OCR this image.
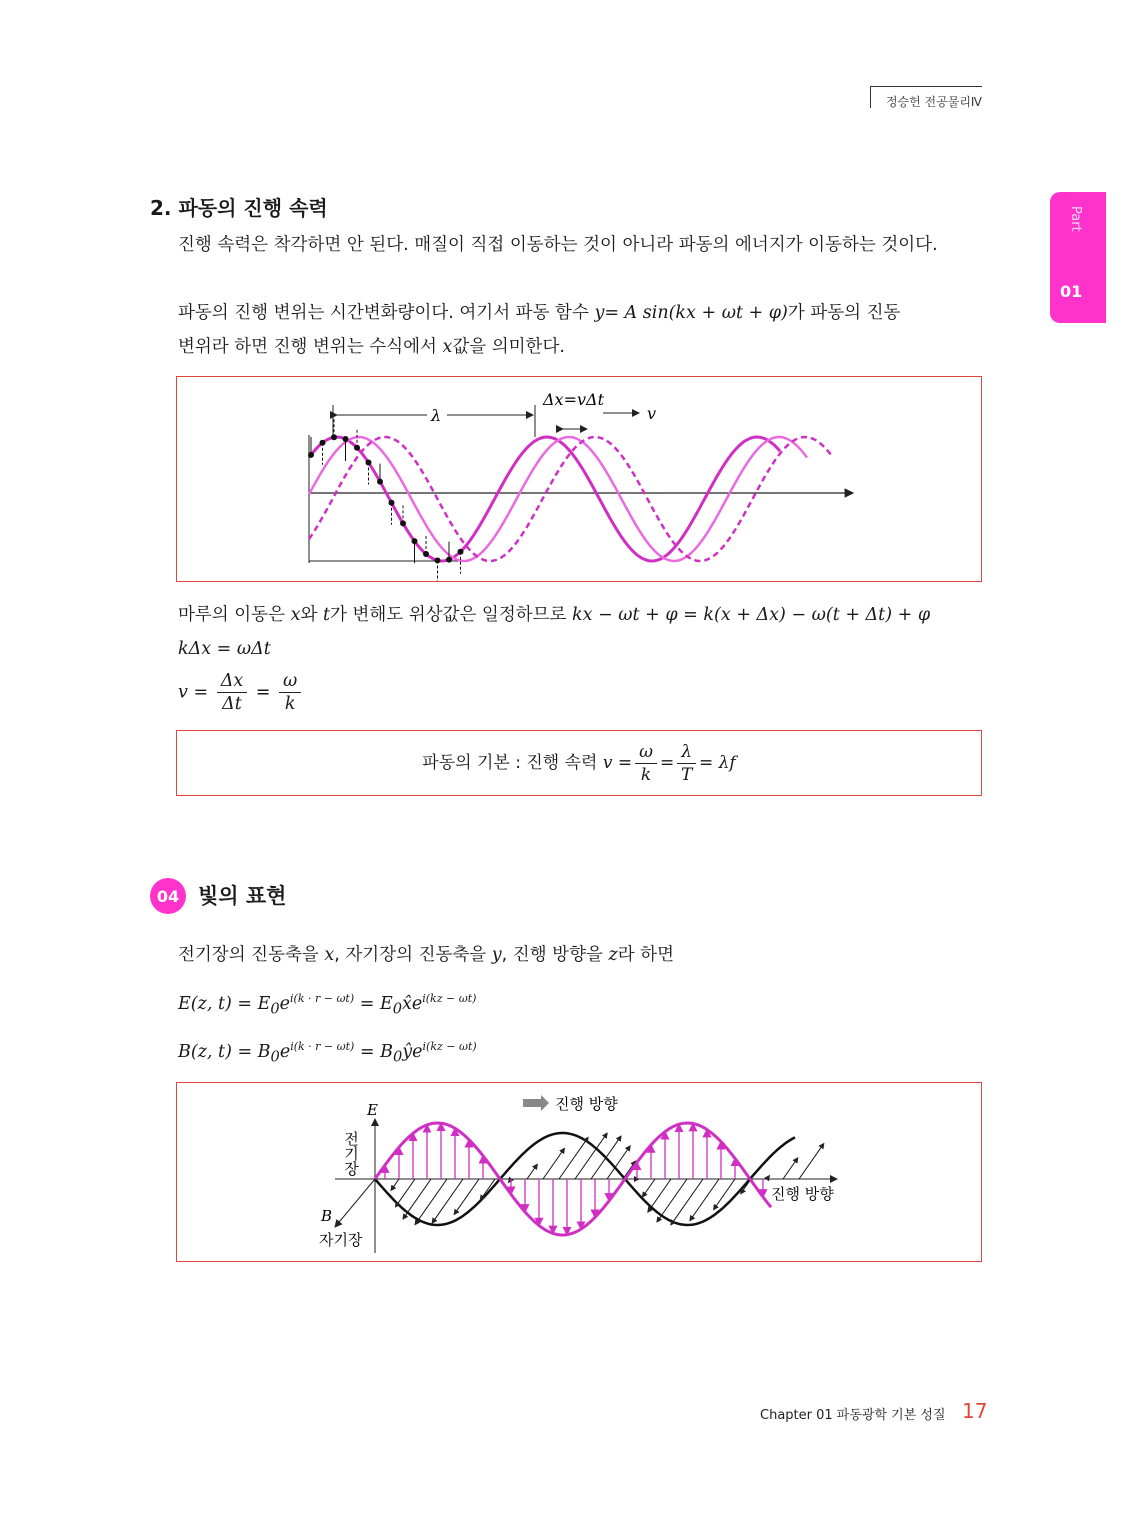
정승헌 전공물리Ⅳ
Part
01
2. 파동의 진행 속력
진행 속력은 착각하면 안 된다. 매질이 직접 이동하는 것이 아니라 파동의 에너지가 이동하는 것이다.
파동의 진행 변위는 시간변화량이다. 여기서 파동 함수 y= A sin(kx + ωt + φ)가 파동의 진동
변위라 하면 진행 변위는 수식에서 x값을 의미한다.
λ
Δx=vΔt
v
마루의 이동은 x와 t가 변해도 위상값은 일정하므로 kx − ωt + φ = k(x + Δx) − ω(t + Δt) + φ
kΔx = ωΔt
$v = \frac{\Delta x}{\Delta t} = \frac{\omega}{k}$
파동의 기본 : 진행 속력
$v = \frac{\omega}{k} = \frac{\lambda}{T} = \lambda f$
04 빛의 표현
전기장의 진동축을 x, 자기장의 진동축을 y, 진행 방향을 z라 하면
E(z, $t) = E_0e^{i(k \cdot r - \omega t)}$ = $E_0x̂e^{i(kz - \omega t)}$
B(z, $t) = B_0e^{i(k \cdot r - \omega t)}$ = $B_0ŷe^{i(kz - \omega t)}$
E
전기장
B
자기장
진행 방향
진행 방향
Chapter 01 파동광학 기본 성질 17
